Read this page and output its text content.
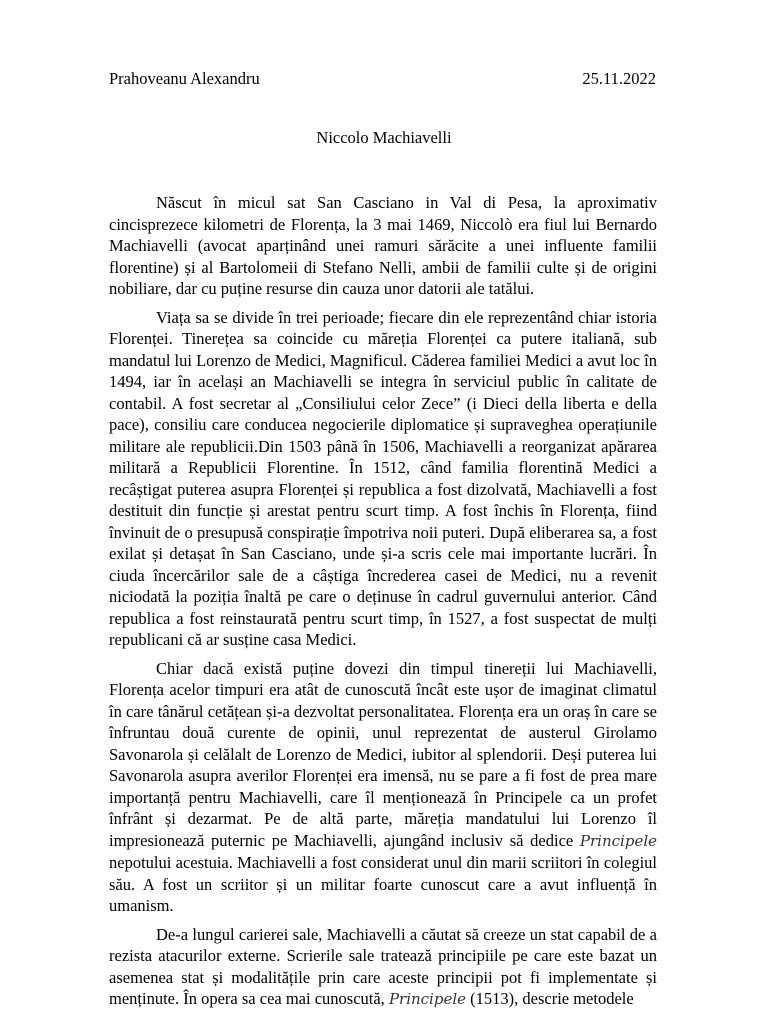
Prahoveanu Alexandru	25.11.2022
Niccolo Machiavelli

Născut în micul sat San Casciano in Val di Pesa, la aproximativ cincisprezece kilometri de Florența, la 3 mai 1469, Niccolò era fiul lui Bernardo Machiavelli (avocat aparținând unei ramuri sărăcite a unei influente familii florentine) și al Bartolomeii di Stefano Nelli, ambii de familii culte și de origini nobiliare, dar cu puține resurse din cauza unor datorii ale tatălui.

Viața sa se divide în trei perioade; fiecare din ele reprezentând chiar istoria Florenței. Tinerețea sa coincide cu mărețiа Florenței ca putere italiană, sub mandatul lui Lorenzo de Medici, Magnificul. Căderea familiei Medici a avut loc în 1494, iar în același an Machiavelli se integra în serviciul public în calitate de contabil. A fost secretar al „Consiliului celor Zece” (i Dieci della liberta e della pace), consiliu care conducea negocierile diplomatice și supraveghea operațiunile militare ale republicii.Din 1503 până în 1506, Machiavelli a reorganizat apărarea militară a Republicii Florentine. În 1512, când familia florentină Medici a recâștigat puterea asupra Florenței și republica a fost dizolvată, Machiavelli a fost destituit din funcție și arestat pentru scurt timp. A fost închis în Florența, fiind învinuit de o presupusă conspirație împotriva noii puteri. După eliberarea sa, a fost exilat și detașat în San Casciano, unde și-a scris cele mai importante lucrări. În ciuda încercărilor sale de a câștiga încrederea casei de Medici, nu a revenit niciodată la poziția înaltă pe care o deținuse în cadrul guvernului anterior. Când republica a fost reinstaurată pentru scurt timp, în 1527, a fost suspectat de mulți republicani că ar susține casa Medici.

Chiar dacă există puține dovezi din timpul tinereții lui Machiavelli, Florența acelor timpuri era atât de cunoscută încât este ușor de imaginat climatul în care tânărul cetățean și-a dezvoltat personalitatea. Florența era un oraș în care se înfruntau două curente de opinii, unul reprezentat de austerul Girolamo Savonarola și celălalt de Lorenzo de Medici, iubitor al splendorii. Deși puterea lui Savonarola asupra averilor Florenței era imensă, nu se pare a fi fost de prea mare importanță pentru Machiavelli, care îl menționează în Principele ca un profet înfrânt și dezarmat. Pe de altă parte, mărețiа mandatului lui Lorenzo îl impresionează puternic pe Machiavelli, ajungând inclusiv să dedice Principele nepotului acestuia. Machiavelli a fost considerat unul din marii scriitori în colegiul său. A fost un scriitor și un militar foarte cunoscut care a avut influență în umanism.

De-a lungul carierei sale, Machiavelli a căutat să creeze un stat capabil de a rezista atacurilor externe. Scrierile sale tratează principiile pe care este bazat un asemenea stat și modalitățile prin care aceste principii pot fi implementate și menținute. În opera sa cea mai cunoscută, Principele (1513), descrie metodele
